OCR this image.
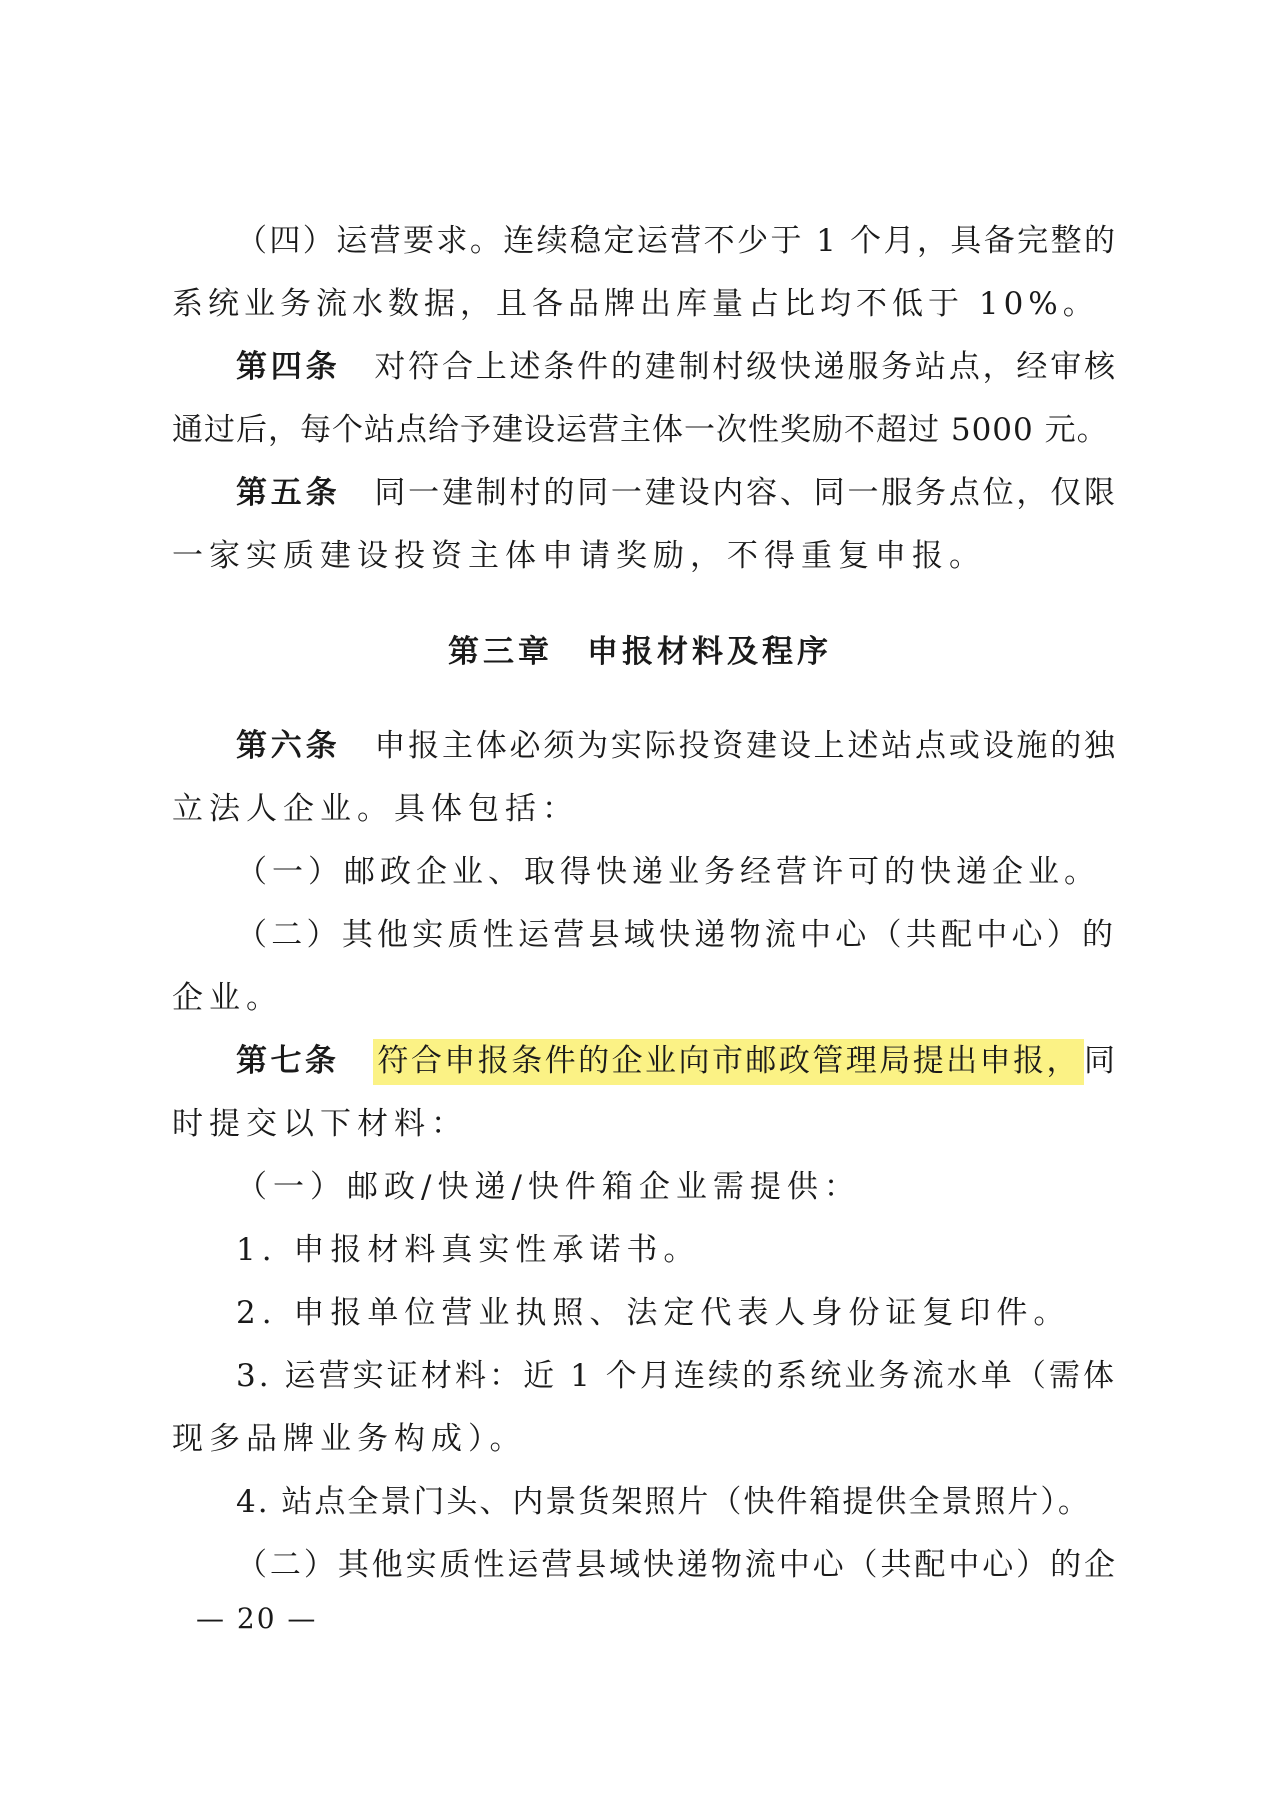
（四）运营要求。连续稳定运营不少于 1 个月，具备完整的
系统业务流水数据，且各品牌出库量占比均不低于 10%。
第四条 对符合上述条件的建制村级快递服务站点，经审核
通过后，每个站点给予建设运营主体一次性奖励不超过 5000 元。
第五条 同一建制村的同一建设内容、同一服务点位，仅限
一家实质建设投资主体申请奖励，不得重复申报。
第三章 申报材料及程序
第六条 申报主体必须为实际投资建设上述站点或设施的独
立法人企业。具体包括：
（一）邮政企业、取得快递业务经营许可的快递企业。
（二）其他实质性运营县域快递物流中心（共配中心）的
企业。
第七条 符合申报条件的企业向市邮政管理局提出申报， 同
时提交以下材料：
（一）邮政/快递/快件箱企业需提供：
1. 申报材料真实性承诺书。
2. 申报单位营业执照、法定代表人身份证复印件。
3. 运营实证材料：近 1 个月连续的系统业务流水单（需体
现多品牌业务构成）。
4. 站点全景门头、内景货架照片（快件箱提供全景照片）。
（二）其他实质性运营县域快递物流中心（共配中心）的企
— 20 —
